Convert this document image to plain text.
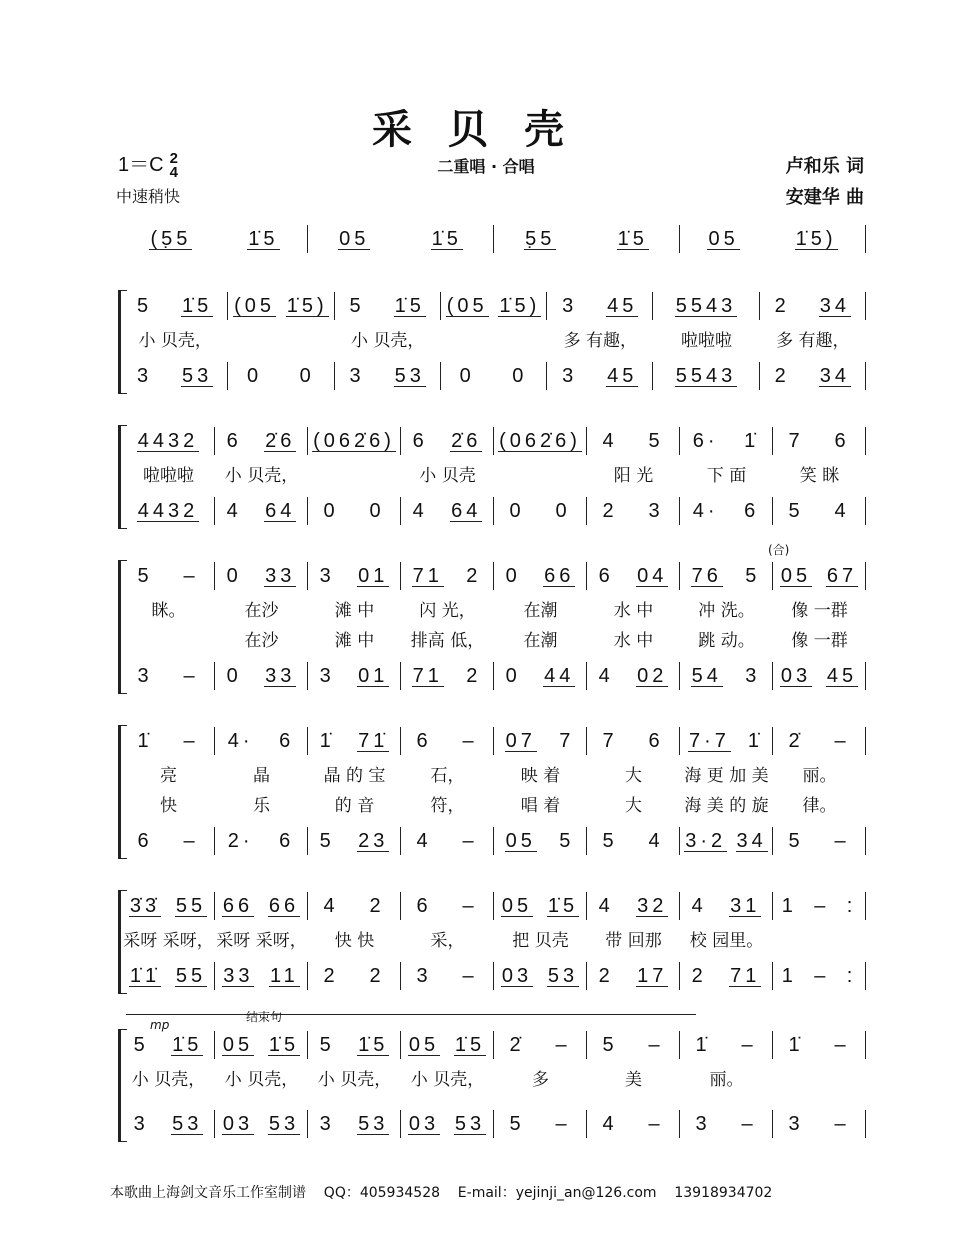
采贝壳
1＝C 2
4
中速稍快
二重唱 · 合唱	卢和乐 词
安建华 曲
(合)
结束句
mp
(5̣5	1̇5	05	1̇5	5̣5	1̇5	05	1̇5)
5 1̇5 (05 1̇5) 5 1̇5 (05 1̇5) 3 45 5543 2 34
小 贝壳，	小 贝壳，	多 有趣，	啦啦啦	多 有趣，
3 53 0 0 3 53 0 0 3 45 5543 2 34
4432 6 2̇6 (062̇6) 6 2̇6 (062̇6) 4 5 6· 1̇ 7 6
啦啦啦	小 贝壳，	小 贝壳	阳 光	下 面	笑 眯
4432 4 64 0 0 4 64 0 0 2 3 4· 6 5 4
5 – 0 33 3 01 71 2 0 66 6 04 76 5 05 67
眯。	在沙	滩 中	闪 光，	在潮	水 中	冲 洗。	像 一群
在沙	滩 中	排高 低，	在潮	水 中	跳 动。	像 一群
3 – 0 33 3 01 71 2 0 44 4 02 54 3 03 45
1̇ – 4· 6 1̇ 71̇ 6 – 07 7 7 6 7·7 1̇ 2̇ –
亮	晶	晶 的 宝	石，	映 着	大	海 更 加 美	丽。
快	乐	的 音	符，	唱 着	大	海 美 的 旋	律。
6 – 2· 6 5 23 4 – 05 5 5 4 3·2 34 5 –
3̇3̇ 55 66 66 4 2 6 – 05 1̇5 4 32 4 31 1 – :
采呀 采呀， 采呀 采呀，	快 快	采，	把 贝壳	带 回那	校 园里。
1̇1̇ 55 33 11 2 2 3 – 03 53 2 17 2 71 1 – :
5 1̇5 05 1̇5 5 1̇5 05 1̇5 2̇ – 5 – 1̇ – 1̇ –
小 贝壳，	小 贝壳，	小 贝壳，	小 贝壳，	多	美	丽。
3 53 03 53 3 53 03 53 5 – 4 – 3 – 3 –
本歌曲上海剑文音乐工作室制谱    QQ：405934528    E-mail：yejinji_an@126.com    13918934702
